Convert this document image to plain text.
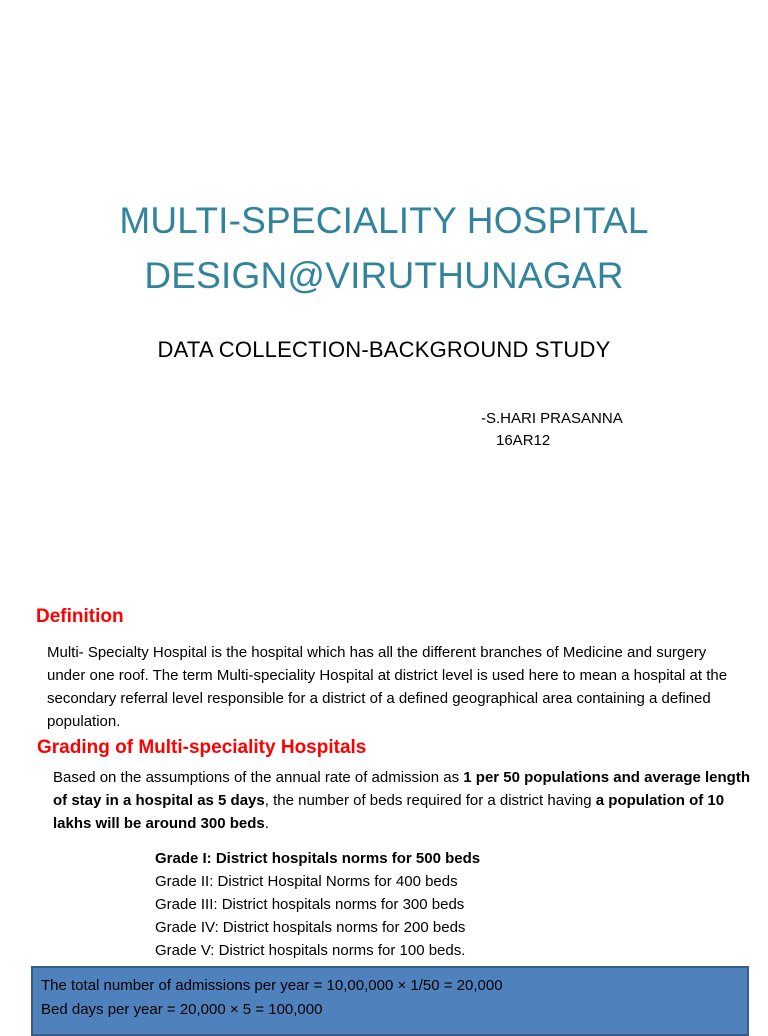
MULTI-SPECIALITY HOSPITAL
DESIGN@VIRUTHUNAGAR
DATA COLLECTION-BACKGROUND STUDY
-S.HARI PRASANNA
16AR12
Definition
Multi- Specialty Hospital is the hospital which has all the different branches of Medicine and surgery under one roof. The term Multi-speciality Hospital at district level is used here to mean a hospital at the secondary referral level responsible for a district of a defined geographical area containing a defined population.
Grading of Multi-speciality Hospitals
Based on the assumptions of the annual rate of admission as 1 per 50 populations and average length of stay in a hospital as 5 days, the number of beds required for a district having a population of 10 lakhs will be around 300 beds.
Grade I: District hospitals norms for 500 beds
Grade II: District Hospital Norms for 400 beds
Grade III: District hospitals norms for 300 beds
Grade IV: District hospitals norms for 200 beds
Grade V: District hospitals norms for 100 beds.
The total number of admissions per year = 10,00,000 × 1/50 = 20,000
Bed days per year = 20,000 × 5 = 100,000
